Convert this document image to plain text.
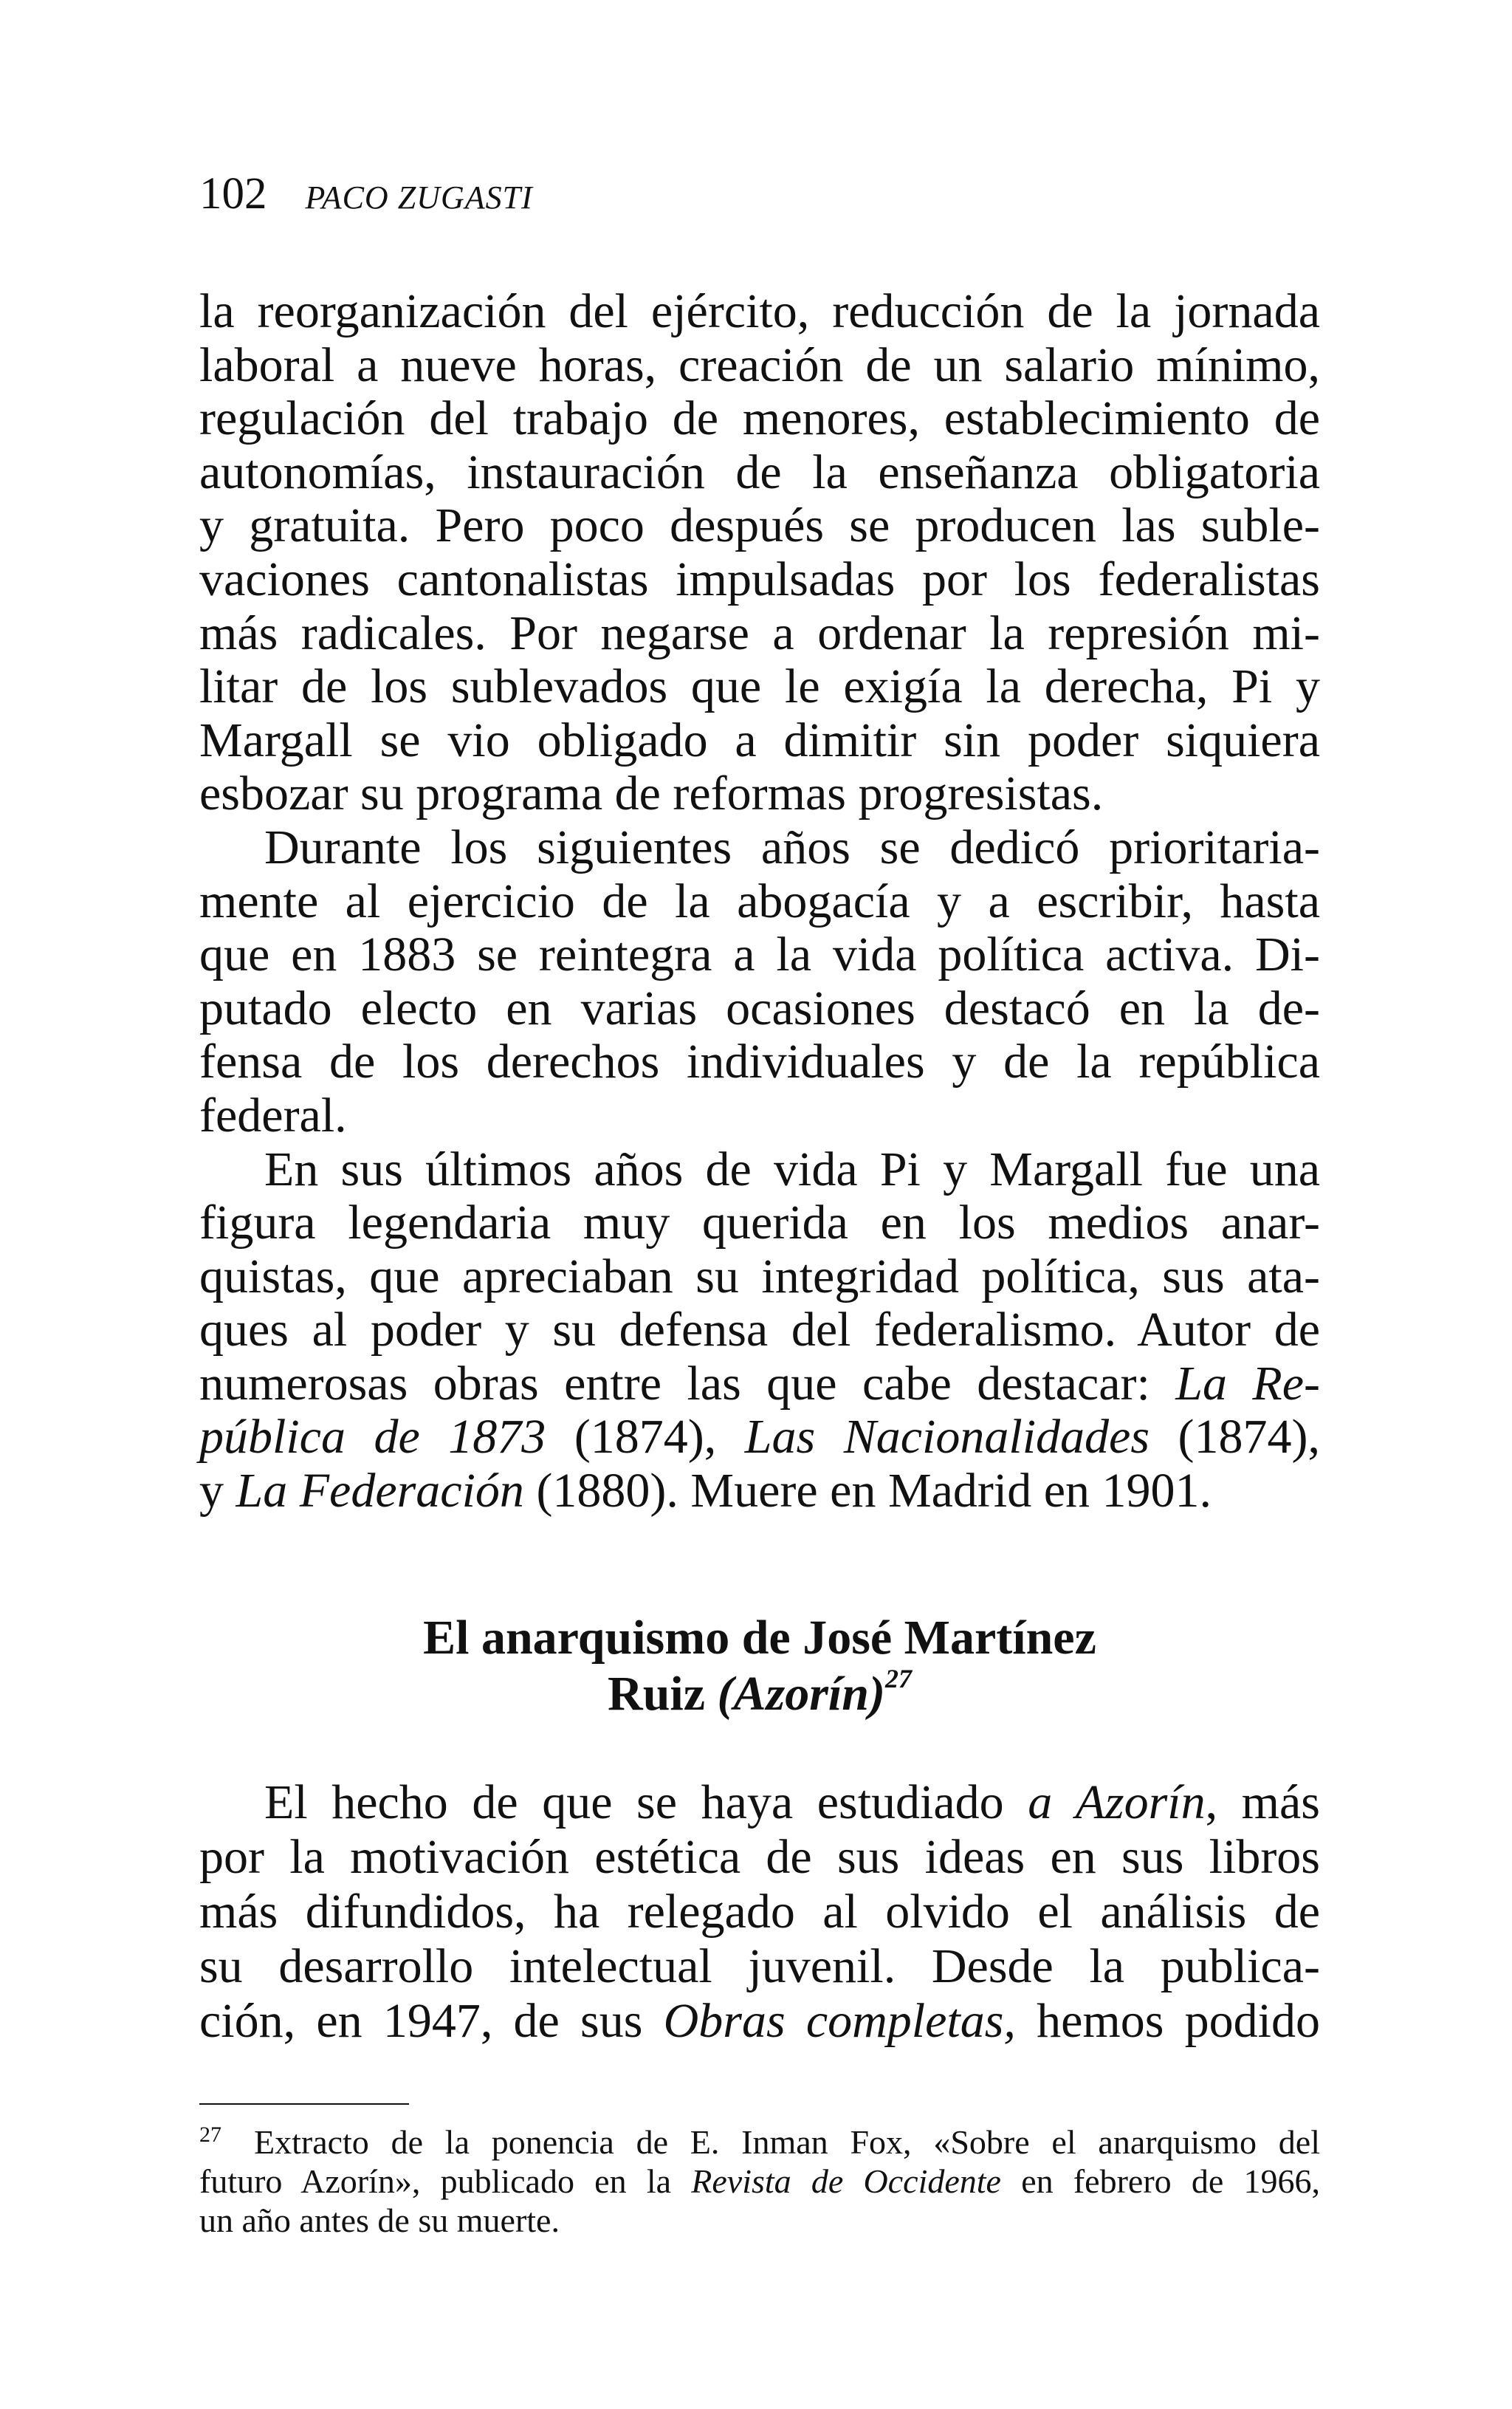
102 PACO ZUGASTI
la reorganización del ejército, reducción de la jornada
laboral a nueve horas, creación de un salario mínimo,
regulación del trabajo de menores, establecimiento de
autonomías, instauración de la enseñanza obligatoria
y gratuita. Pero poco después se producen las suble-
vaciones cantonalistas impulsadas por los federalistas
más radicales. Por negarse a ordenar la represión mi-
litar de los sublevados que le exigía la derecha, Pi y
Margall se vio obligado a dimitir sin poder siquiera
esbozar su programa de reformas progresistas.
Durante los siguientes años se dedicó prioritaria-
mente al ejercicio de la abogacía y a escribir, hasta
que en 1883 se reintegra a la vida política activa. Di-
putado electo en varias ocasiones destacó en la de-
fensa de los derechos individuales y de la república
federal.
En sus últimos años de vida Pi y Margall fue una
figura legendaria muy querida en los medios anar-
quistas, que apreciaban su integridad política, sus ata-
ques al poder y su defensa del federalismo. Autor de
numerosas obras entre las que cabe destacar: La Re-
pública de 1873 (1874), Las Nacionalidades (1874),
y La Federación (1880). Muere en Madrid en 1901.
El anarquismo de José Martínez
Ruiz (Azorín)$^{27}$
El hecho de que se haya estudiado a Azorín, más
por la motivación estética de sus ideas en sus libros
más difundidos, ha relegado al olvido el análisis de
su desarrollo intelectual juvenil. Desde la publica-
ción, en 1947, de sus Obras completas, hemos podido
$^{27}$ Extracto de la ponencia de E. Inman Fox, «Sobre el anarquismo del
futuro Azorín», publicado en la Revista de Occidente en febrero de 1966,
un año antes de su muerte.
